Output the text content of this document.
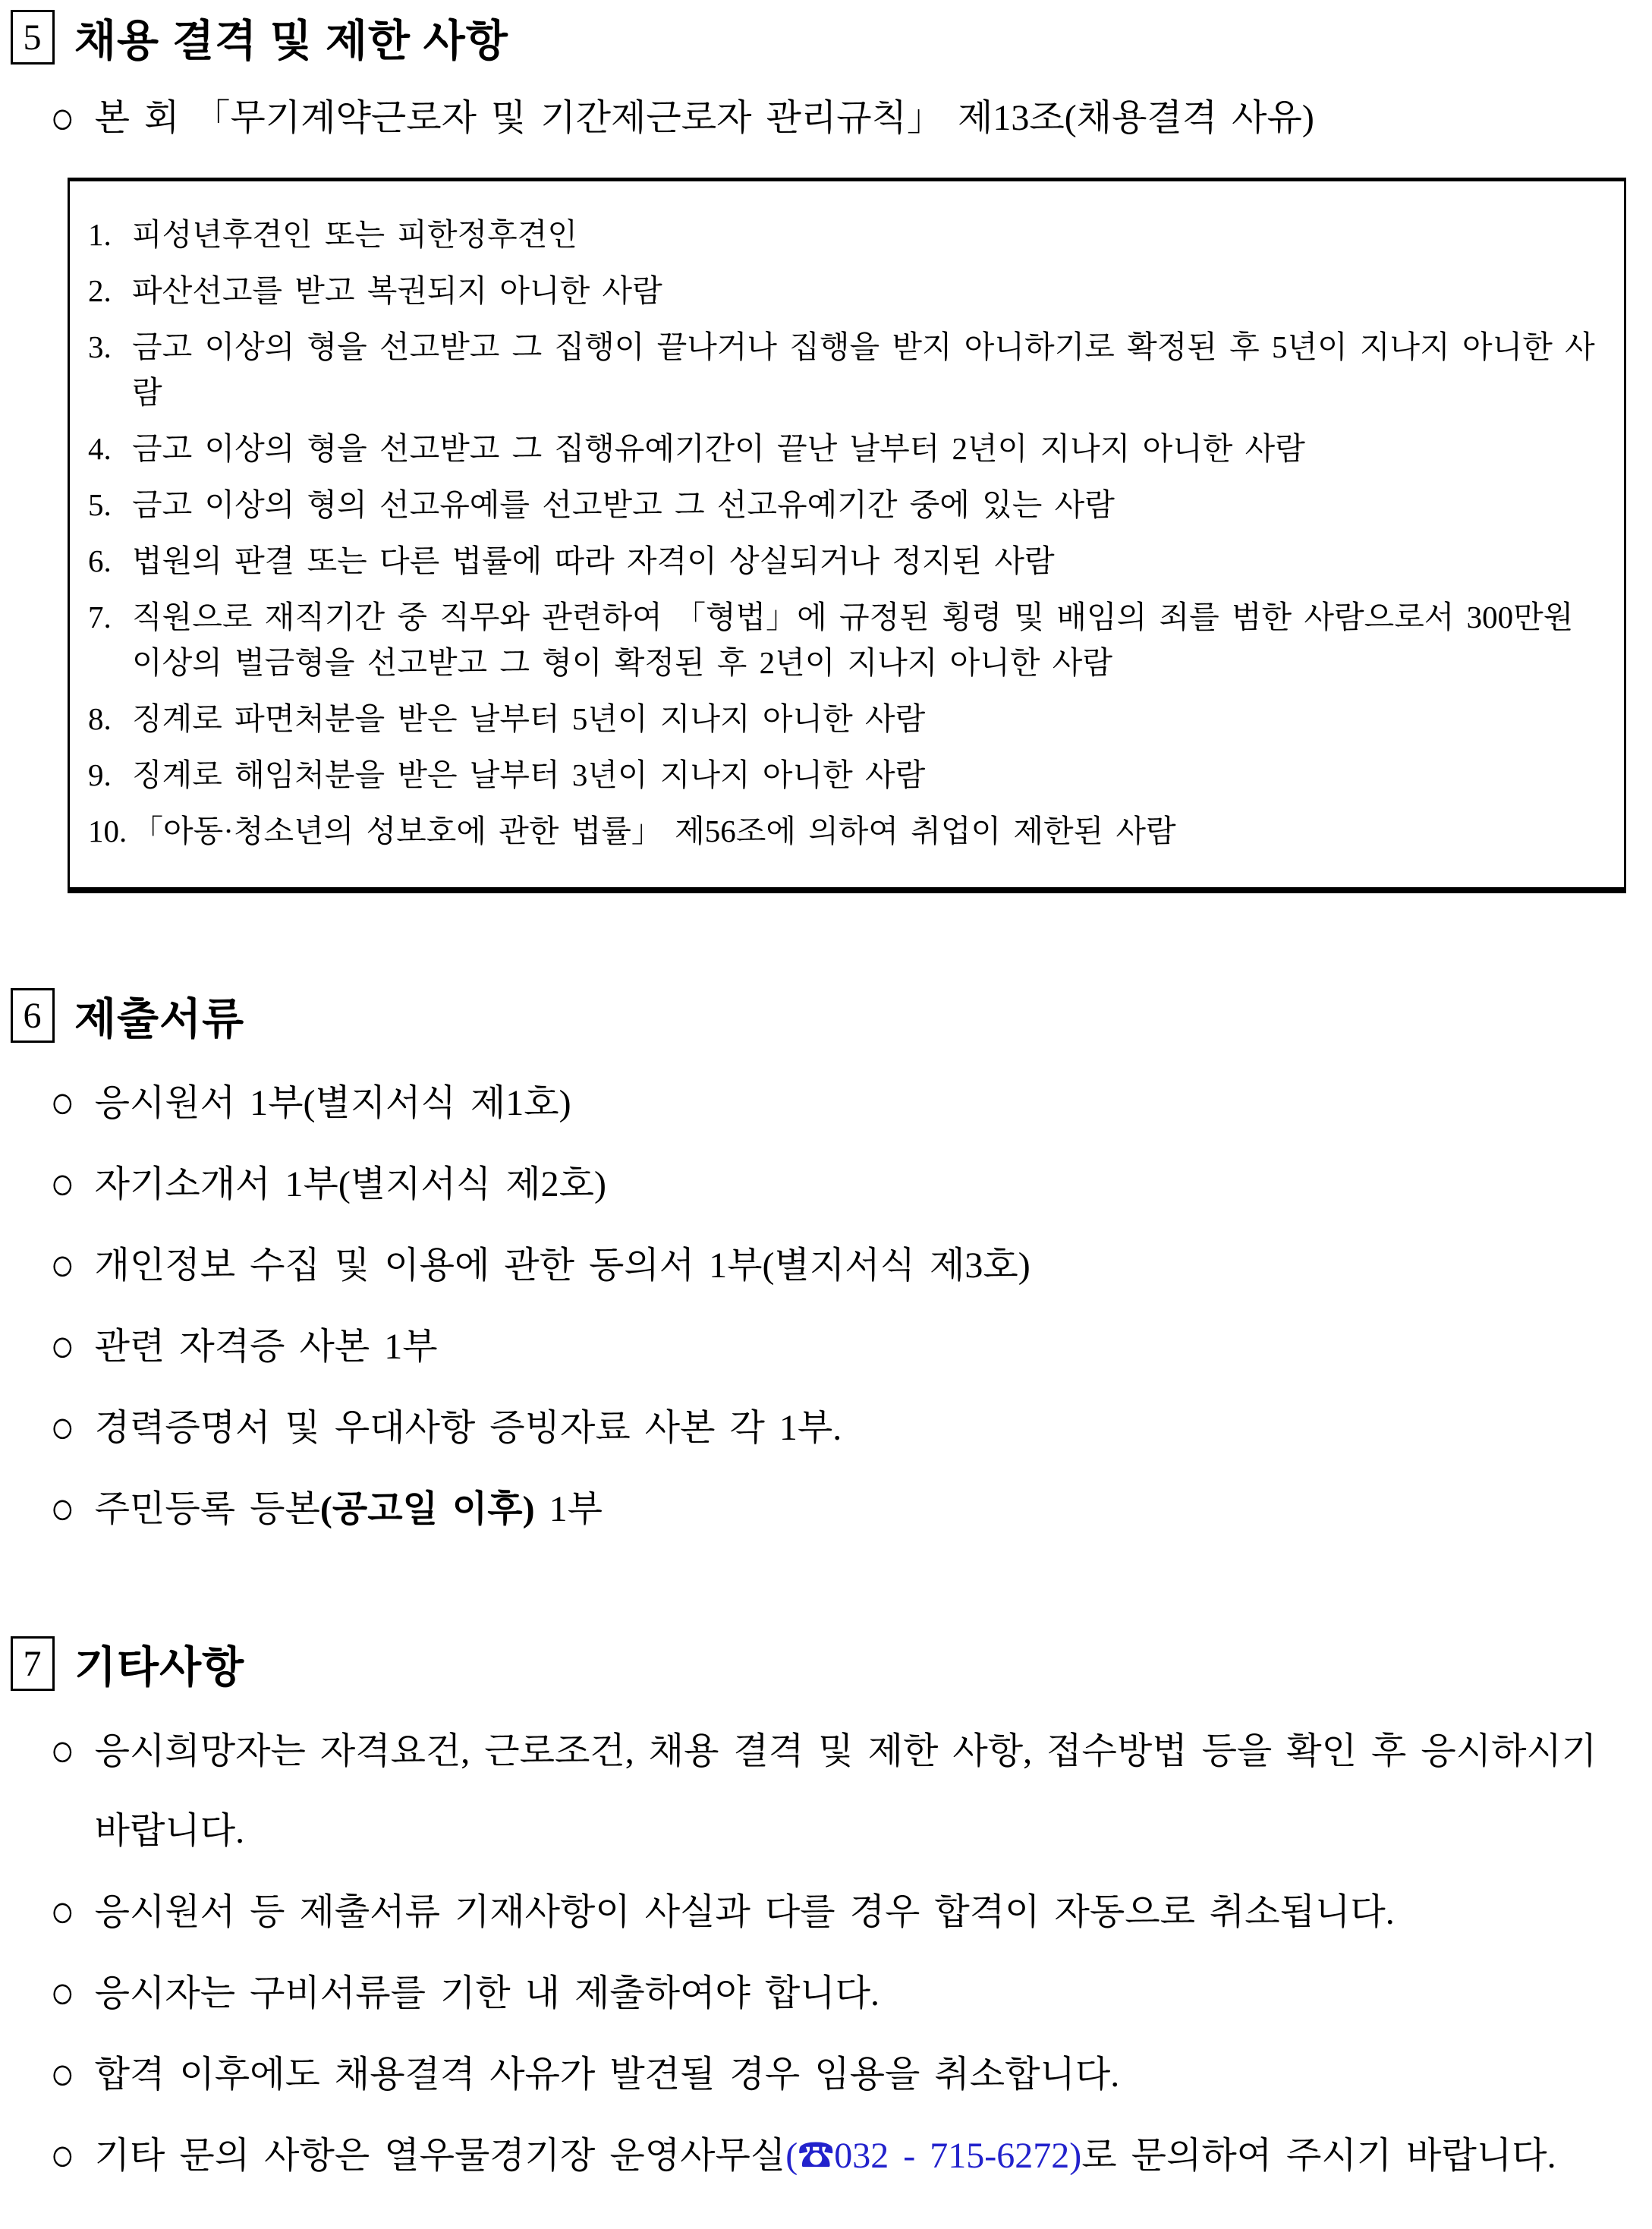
5 채용 결격 및 제한 사항
○ 본 회 「무기계약근로자 및 기간제근로자 관리규칙」 제13조(채용결격 사유)
1. 피성년후견인 또는 피한정후견인
2. 파산선고를 받고 복권되지 아니한 사람
3. 금고 이상의 형을 선고받고 그 집행이 끝나거나 집행을 받지 아니하기로 확정된 후 5년이 지나지 아니한 사람
4. 금고 이상의 형을 선고받고 그 집행유예기간이 끝난 날부터 2년이 지나지 아니한 사람
5. 금고 이상의 형의 선고유예를 선고받고 그 선고유예기간 중에 있는 사람
6. 법원의 판결 또는 다른 법률에 따라 자격이 상실되거나 정지된 사람
7. 직원으로 재직기간 중 직무와 관련하여 「형법」에 규정된 횡령 및 배임의 죄를 범한 사람으로서 300만원 이상의 벌금형을 선고받고 그 형이 확정된 후 2년이 지나지 아니한 사람
8. 징계로 파면처분을 받은 날부터 5년이 지나지 아니한 사람
9. 징계로 해임처분을 받은 날부터 3년이 지나지 아니한 사람
10. 「아동·청소년의 성보호에 관한 법률」 제56조에 의하여 취업이 제한된 사람
6 제출서류
○ 응시원서 1부(별지서식 제1호)
○ 자기소개서 1부(별지서식 제2호)
○ 개인정보 수집 및 이용에 관한 동의서 1부(별지서식 제3호)
○ 관련 자격증 사본 1부
○ 경력증명서 및 우대사항 증빙자료 사본 각 1부.
○ 주민등록 등본(공고일 이후) 1부
7 기타사항
○ 응시희망자는 자격요건, 근로조건, 채용 결격 및 제한 사항, 접수방법 등을 확인 후 응시하시기 바랍니다.
○ 응시원서 등 제출서류 기재사항이 사실과 다를 경우 합격이 자동으로 취소됩니다.
○ 응시자는 구비서류를 기한 내 제출하여야 합니다.
○ 합격 이후에도 채용결격 사유가 발견될 경우 임용을 취소합니다.
○ 기타 문의 사항은 열우물경기장 운영사무실(☎032 - 715-6272)로 문의하여 주시기 바랍니다.
